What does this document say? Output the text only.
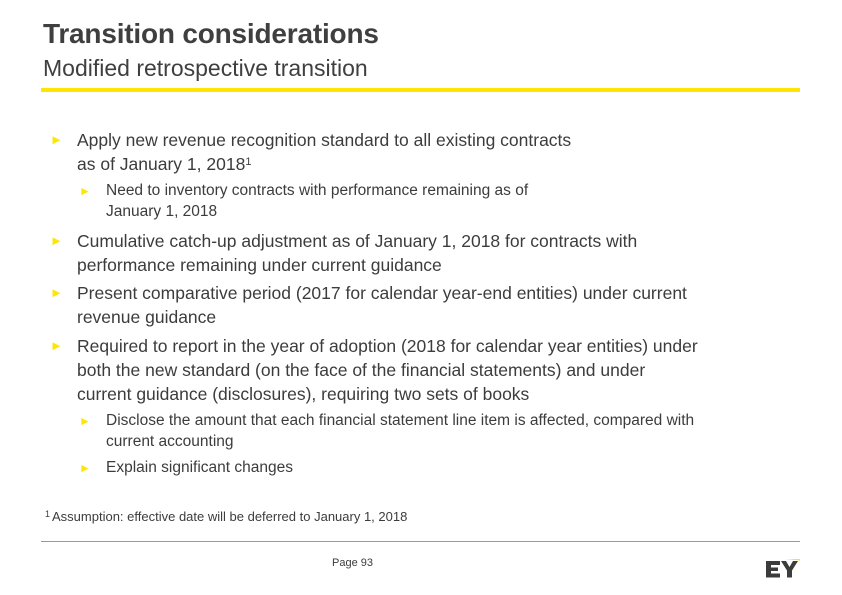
Transition considerations
Modified retrospective transition
► Apply new revenue recognition standard to all existing contracts
as of January 1, 2018$^1$
► Need to inventory contracts with performance remaining as of
January 1, 2018
► Cumulative catch-up adjustment as of January 1, 2018 for contracts with
performance remaining under current guidance
► Present comparative period (2017 for calendar year-end entities) under current
revenue guidance
► Required to report in the year of adoption (2018 for calendar year entities) under
both the new standard (on the face of the financial statements) and under
current guidance (disclosures), requiring two sets of books
► Disclose the amount that each financial statement line item is affected, compared with
current accounting
► Explain significant changes
$^1$ Assumption: effective date will be deferred to January 1, 2018
Page 93
